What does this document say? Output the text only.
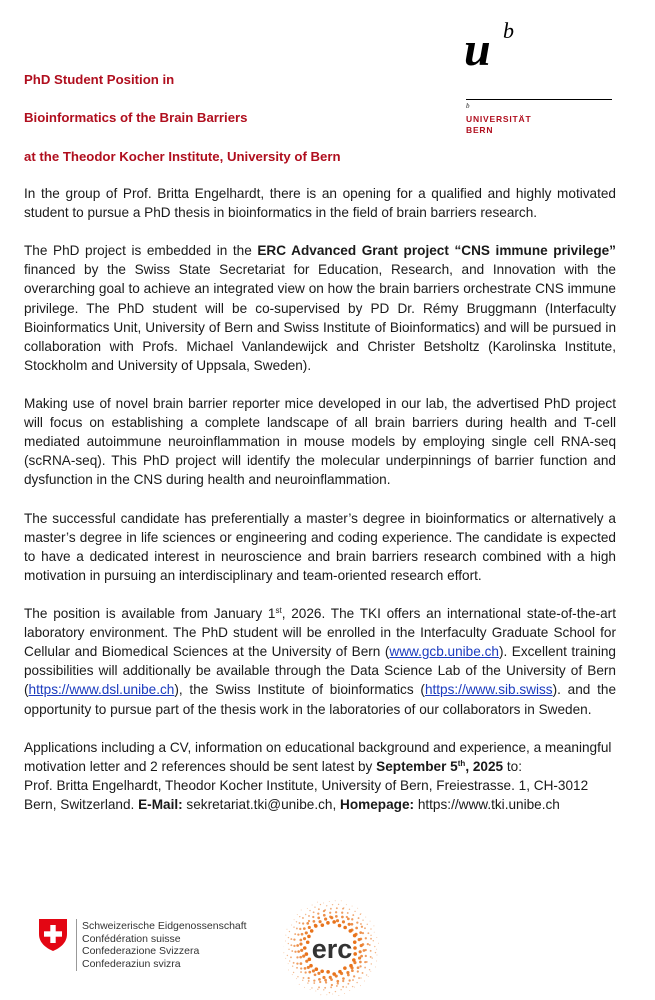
u b
b
UNIVERSITÄT
BERN
PhD Student Position in
Bioinformatics of the Brain Barriers
at the Theodor Kocher Institute, University of Bern

In the group of Prof. Britta Engelhardt, there is an opening for a qualified and highly motivated student to pursue a PhD thesis in bioinformatics in the field of brain barriers research.

The PhD project is embedded in the ERC Advanced Grant project “CNS immune privilege” financed by the Swiss State Secretariat for Education, Research, and Innovation with the overarching goal to achieve an integrated view on how the brain barriers orchestrate CNS immune privilege. The PhD student will be co-supervised by PD Dr. Rémy Bruggmann (Interfaculty Bioinformatics Unit, University of Bern and Swiss Institute of Bioinformatics) and will be pursued in collaboration with Profs. Michael Vanlandewijck and Christer Betsholtz (Karolinska Institute, Stockholm and University of Uppsala, Sweden).

Making use of novel brain barrier reporter mice developed in our lab, the advertised PhD project will focus on establishing a complete landscape of all brain barriers during health and T-cell mediated autoimmune neuroinflammation in mouse models by employing single cell RNA-seq (scRNA-seq). This PhD project will identify the molecular underpinnings of barrier function and dysfunction in the CNS during health and neuroinflammation.

The successful candidate has preferentially a master’s degree in bioinformatics or alternatively a master’s degree in life sciences or engineering and coding experience. The candidate is expected to have a dedicated interest in neuroscience and brain barriers research combined with a high motivation in pursuing an interdisciplinary and team-oriented research effort.

The position is available from January 1st, 2026. The TKI offers an international state-of-the-art laboratory environment. The PhD student will be enrolled in the Interfaculty Graduate School for Cellular and Biomedical Sciences at the University of Bern (www.gcb.unibe.ch). Excellent training possibilities will additionally be available through the Data Science Lab of the University of Bern (https://www.dsl.unibe.ch), the Swiss Institute of bioinformatics (https://www.sib.swiss). and the opportunity to pursue part of the thesis work in the laboratories of our collaborators in Sweden.

Applications including a CV, information on educational background and experience, a meaningful motivation letter and 2 references should be sent latest by September 5th, 2025 to:

Prof. Britta Engelhardt, Theodor Kocher Institute, University of Bern, Freiestrasse. 1, CH-3012 Bern, Switzerland. E-Mail: sekretariat.tki@unibe.ch, Homepage: https://www.tki.unibe.ch

Schweizerische Eidgenossenschaft
Confédération suisse
Confederazione Svizzera
Confederaziun svizra	erc
